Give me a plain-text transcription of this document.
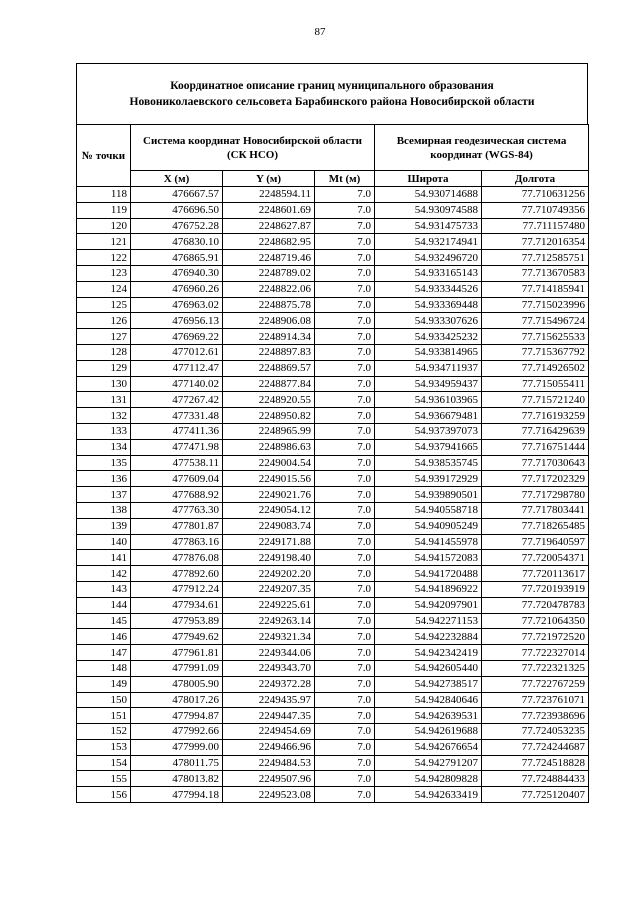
87
Координатное описание границ муниципального образования
Новониколаевского сельсовета Барабинского района Новосибирской области
№ точки	Система координат Новосибирской области (СК НСО)			Всемирная геодезическая система координат (WGS-84)	
	X (м)	Y (м)	Mt (м)	Широта	Долгота
118	476667.57	2248594.11	7.0	54.930714688	77.710631256
119	476696.50	2248601.69	7.0	54.930974588	77.710749356
120	476752.28	2248627.87	7.0	54.931475733	77.711157480
121	476830.10	2248682.95	7.0	54.932174941	77.712016354
122	476865.91	2248719.46	7.0	54.932496720	77.712585751
123	476940.30	2248789.02	7.0	54.933165143	77.713670583
124	476960.26	2248822.06	7.0	54.933344526	77.714185941
125	476963.02	2248875.78	7.0	54.933369448	77.715023996
126	476956.13	2248906.08	7.0	54.933307626	77.715496724
127	476969.22	2248914.34	7.0	54.933425232	77.715625533
128	477012.61	2248897.83	7.0	54.933814965	77.715367792
129	477112.47	2248869.57	7.0	54.934711937	77.714926502
130	477140.02	2248877.84	7.0	54.934959437	77.715055411
131	477267.42	2248920.55	7.0	54.936103965	77.715721240
132	477331.48	2248950.82	7.0	54.936679481	77.716193259
133	477411.36	2248965.99	7.0	54.937397073	77.716429639
134	477471.98	2248986.63	7.0	54.937941665	77.716751444
135	477538.11	2249004.54	7.0	54.938535745	77.717030643
136	477609.04	2249015.56	7.0	54.939172929	77.717202329
137	477688.92	2249021.76	7.0	54.939890501	77.717298780
138	477763.30	2249054.12	7.0	54.940558718	77.717803441
139	477801.87	2249083.74	7.0	54.940905249	77.718265485
140	477863.16	2249171.88	7.0	54.941455978	77.719640597
141	477876.08	2249198.40	7.0	54.941572083	77.720054371
142	477892.60	2249202.20	7.0	54.941720488	77.720113617
143	477912.24	2249207.35	7.0	54.941896922	77.720193919
144	477934.61	2249225.61	7.0	54.942097901	77.720478783
145	477953.89	2249263.14	7.0	54.942271153	77.721064350
146	477949.62	2249321.34	7.0	54.942232884	77.721972520
147	477961.81	2249344.06	7.0	54.942342419	77.722327014
148	477991.09	2249343.70	7.0	54.942605440	77.722321325
149	478005.90	2249372.28	7.0	54.942738517	77.722767259
150	478017.26	2249435.97	7.0	54.942840646	77.723761071
151	477994.87	2249447.35	7.0	54.942639531	77.723938696
152	477992.66	2249454.69	7.0	54.942619688	77.724053235
153	477999.00	2249466.96	7.0	54.942676654	77.724244687
154	478011.75	2249484.53	7.0	54.942791207	77.724518828
155	478013.82	2249507.96	7.0	54.942809828	77.724884433
156	477994.18	2249523.08	7.0	54.942633419	77.725120407
